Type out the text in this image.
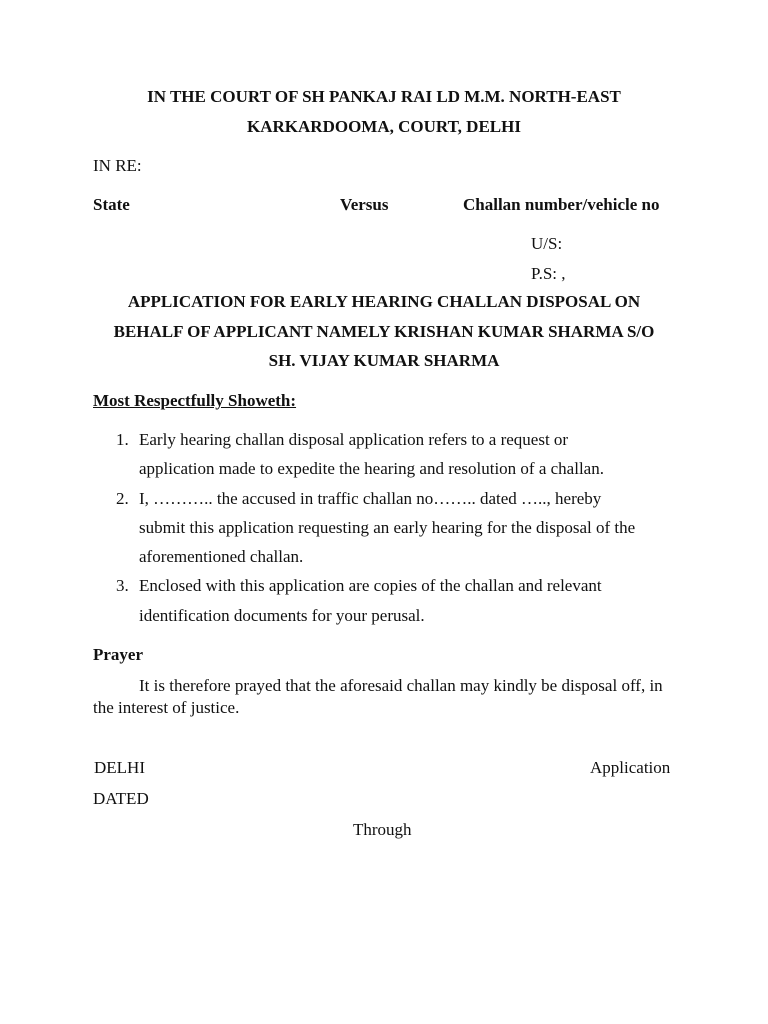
IN THE COURT OF SH PANKAJ RAI LD M.M. NORTH-EAST
KARKARDOOMA, COURT, DELHI
IN RE:
State	Versus	Challan number/vehicle no
U/S:
P.S: ,
APPLICATION FOR EARLY HEARING CHALLAN DISPOSAL ON
BEHALF OF APPLICANT NAMELY KRISHAN KUMAR SHARMA S/O
SH. VIJAY KUMAR SHARMA
Most Respectfully Showeth:
1. Early hearing challan disposal application refers to a request or
application made to expedite the hearing and resolution of a challan.
2. I, ……….. the accused in traffic challan no…….. dated ….., hereby
submit this application requesting an early hearing for the disposal of the
aforementioned challan.
3. Enclosed with this application are copies of the challan and relevant
identification documents for your perusal.
Prayer
It is therefore prayed that the aforesaid challan may kindly be disposal off, in the interest of justice.
DELHI	Application
DATED
Through
